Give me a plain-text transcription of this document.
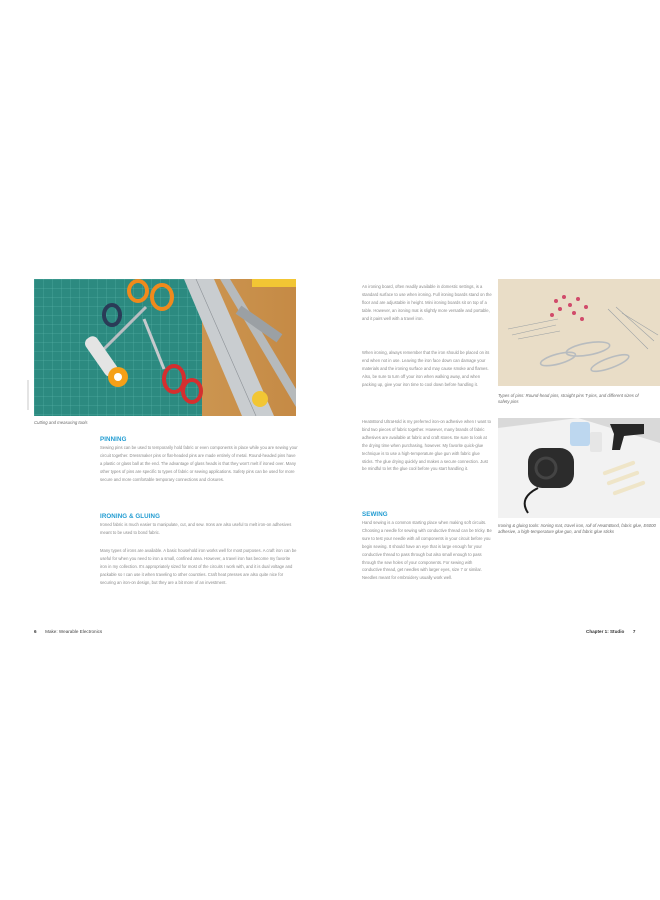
Cutting and measuring tools

PINNING

Sewing pins can be used to temporarily hold fabric or even components in place while you are sewing your circuit together. Dressmaker pins or flat-headed pins are made entirely of metal. Round-headed pins have a plastic or glass ball at the end. The advantage of glass heads is that they won't melt if ironed over. Many other types of pins are specific to types of fabric or sewing applications. Safety pins can be used for more secure and more comfortable temporary connections and closures.

IRONING & GLUING

Ironed fabric is much easier to manipulate, cut, and sew. Irons are also useful to melt iron-on adhesives meant to be used to bond fabric.

Many types of irons are available. A basic household iron works well for most purposes. A craft iron can be useful for when you need to iron a small, confined area. However, a travel iron has become my favorite iron in my collection. It's appropriately sized for most of the circuits I work with, and it is dual voltage and packable so I can use it when traveling to other countries. Craft heat presses are also quite nice for securing an iron-on design, but they are a bit more of an investment.

6 Make: Wearable Electronics

An ironing board, often readily available in domestic settings, is a standard surface to use when ironing. Full ironing boards stand on the floor and are adjustable in height. Mini ironing boards sit on top of a table. However, an ironing mat is slightly more versatile and portable, and it pairs well with a travel iron.

When ironing, always remember that the iron should be placed on its end when not in use. Leaving the iron face down can damage your materials and the ironing surface and may cause smoke and flames. Also, be sure to turn off your iron when walking away, and when packing up, give your iron time to cool down before handling it.

HeatnBond UltraHold is my preferred iron-on adhesive when I want to bind two pieces of fabric together. However, many brands of fabric adhesives are available at fabric and craft stores. Be sure to look at the drying time when purchasing, however. My favorite quick-glue technique is to use a high-temperature glue gun with fabric glue sticks. The glue drying quickly and makes a secure connection. Just be mindful to let the glue cool before you start handling it.

SEWING

Hand sewing is a common starting place when making soft circuits. Choosing a needle for sewing with conductive thread can be tricky. Be sure to test your needle with all components in your circuit before you begin sewing. It should have an eye that is large enough for your conductive thread to pass through but also small enough to pass through the sew holes of your components. For sewing with conductive thread, get needles with larger eyes, size 7 or similar. Needles meant for embroidery usually work well.

Types of pins: Round-head pins, straight pins T-pins, and different sizes of safety pins

Ironing & gluing tools: Ironing mat, travel iron, roll of HeatnBond, fabric glue, E6000 adhesive, a high-temperature glue gun, and fabric glue sticks

Chapter 1: Studio 7
